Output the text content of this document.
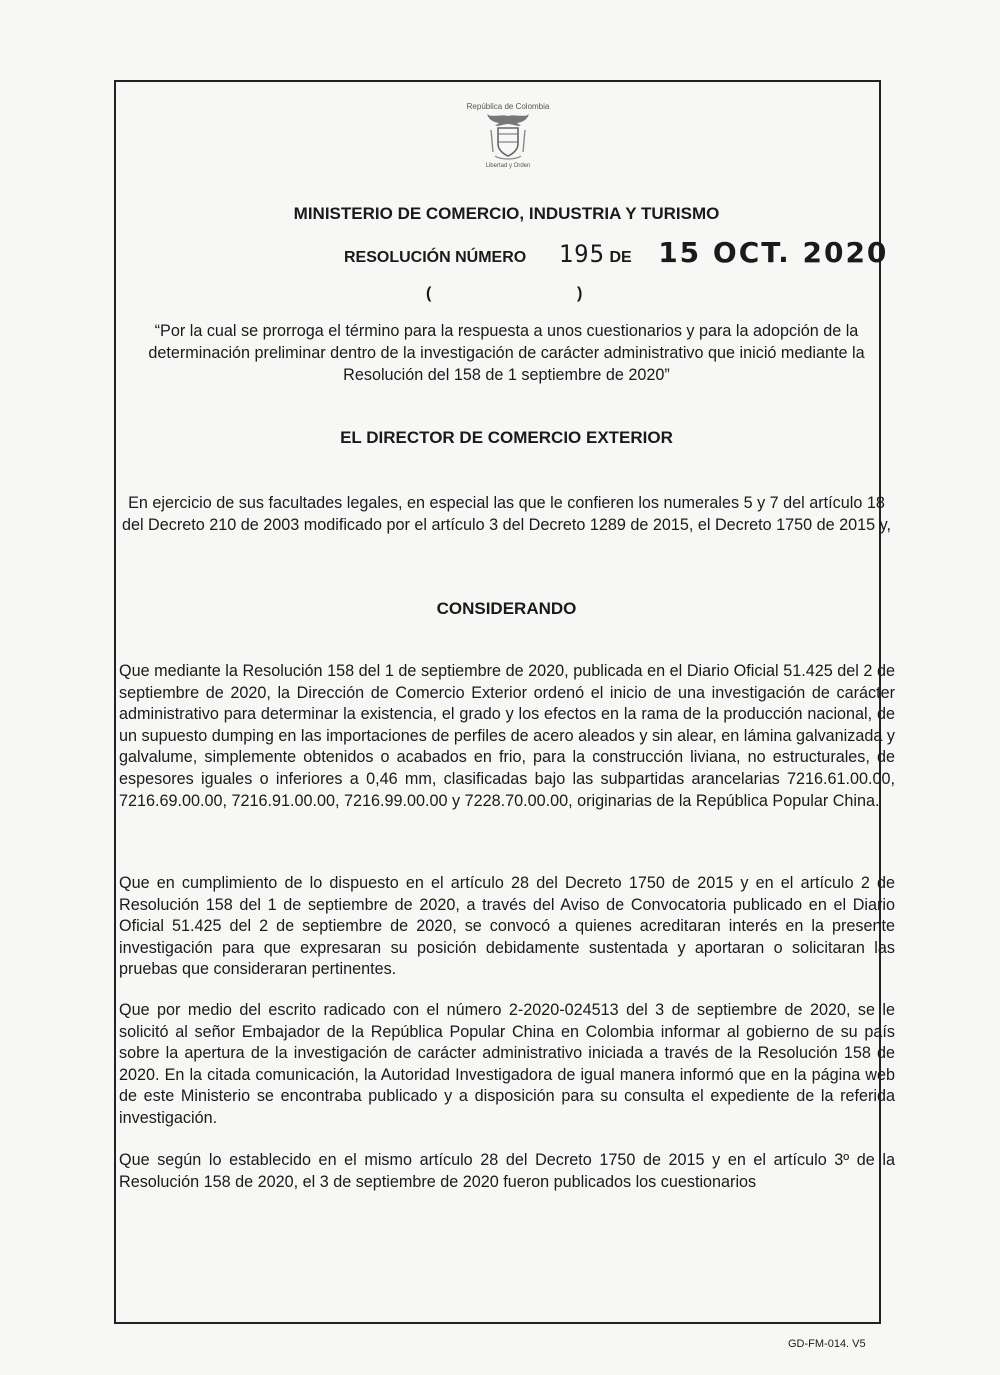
República de Colombia
Libertad y Orden
MINISTERIO DE COMERCIO, INDUSTRIA Y TURISMO
RESOLUCIÓN NÚMERO 195 DE 15 OCT. 2020
(	)
“Por la cual se prorroga el término para la respuesta a unos cuestionarios y para la adopción de la determinación preliminar dentro de la investigación de carácter administrativo que inició mediante la Resolución del 158 de 1 septiembre de 2020”
EL DIRECTOR DE COMERCIO EXTERIOR
En ejercicio de sus facultades legales, en especial las que le confieren los numerales 5 y 7 del artículo 18 del Decreto 210 de 2003 modificado por el artículo 3 del Decreto 1289 de 2015, el Decreto 1750 de 2015 y,
CONSIDERANDO

Que mediante la Resolución 158 del 1 de septiembre de 2020, publicada en el Diario Oficial 51.425 del 2 de septiembre de 2020, la Dirección de Comercio Exterior ordenó el inicio de una investigación de carácter administrativo para determinar la existencia, el grado y los efectos en la rama de la producción nacional, de un supuesto dumping en las importaciones de perfiles de acero aleados y sin alear, en lámina galvanizada y galvalume, simplemente obtenidos o acabados en frio, para la construcción liviana, no estructurales, de espesores iguales o inferiores a 0,46 mm, clasificadas bajo las subpartidas arancelarias 7216.61.00.00, 7216.69.00.00, 7216.91.00.00, 7216.99.00.00 y 7228.70.00.00, originarias de la República Popular China.

Que en cumplimiento de lo dispuesto en el artículo 28 del Decreto 1750 de 2015 y en el artículo 2 de Resolución 158 del 1 de septiembre de 2020, a través del Aviso de Convocatoria publicado en el Diario Oficial 51.425 del 2 de septiembre de 2020, se convocó a quienes acreditaran interés en la presente investigación para que expresaran su posición debidamente sustentada y aportaran o solicitaran las pruebas que consideraran pertinentes.

Que por medio del escrito radicado con el número 2-2020-024513 del 3 de septiembre de 2020, se le solicitó al señor Embajador de la República Popular China en Colombia informar al gobierno de su país sobre la apertura de la investigación de carácter administrativo iniciada a través de la Resolución 158 de 2020. En la citada comunicación, la Autoridad Investigadora de igual manera informó que en la página web de este Ministerio se encontraba publicado y a disposición para su consulta el expediente de la referida investigación.

Que según lo establecido en el mismo artículo 28 del Decreto 1750 de 2015 y en el artículo 3º de la Resolución 158 de 2020, el 3 de septiembre de 2020 fueron publicados los cuestionarios

GD-FM-014. V5
